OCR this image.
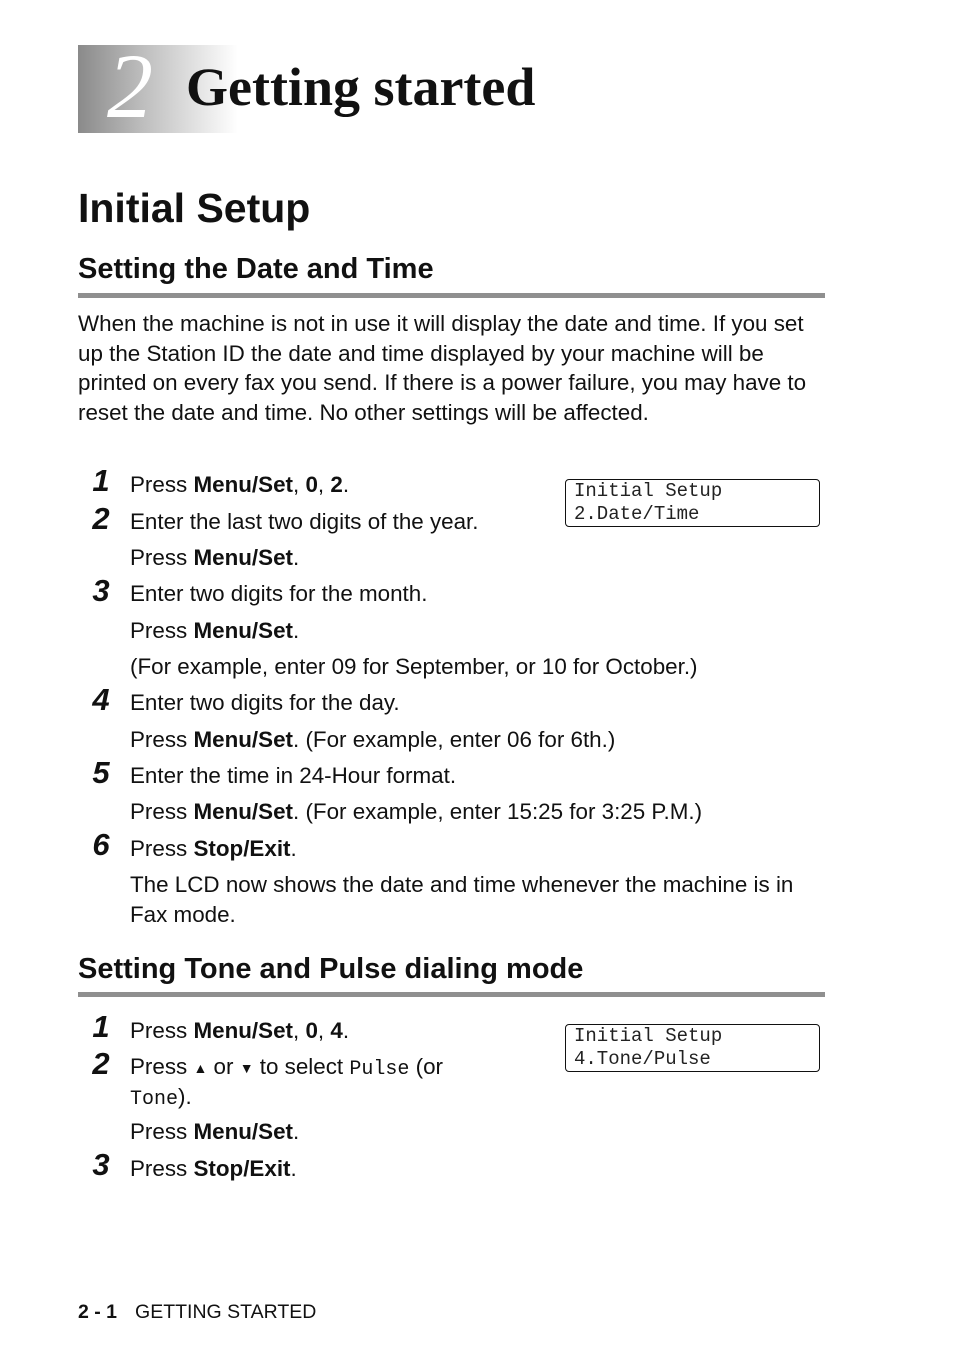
2 Getting started
Initial Setup
Setting the Date and Time
When the machine is not in use it will display the date and time. If you set up the Station ID the date and time displayed by your machine will be printed on every fax you send. If there is a power failure, you may have to reset the date and time. No other settings will be affected.
Initial Setup
2.Date/Time
1 Press Menu/Set, 0, 2.
2 Enter the last two digits of the year.
Press Menu/Set.
3 Enter two digits for the month.
Press Menu/Set.
(For example, enter 09 for September, or 10 for October.)
4 Enter two digits for the day.
Press Menu/Set. (For example, enter 06 for 6th.)
5 Enter the time in 24-Hour format.
Press Menu/Set. (For example, enter 15:25 for 3:25 P.M.)
6 Press Stop/Exit.
The LCD now shows the date and time whenever the machine is in Fax mode.
Setting Tone and Pulse dialing mode
Initial Setup
4.Tone/Pulse
1 Press Menu/Set, 0, 4.
2 Press ▲ or ▼ to select Pulse (or
Tone).
Press Menu/Set.
3 Press Stop/Exit.
2 - 1 GETTING STARTED
